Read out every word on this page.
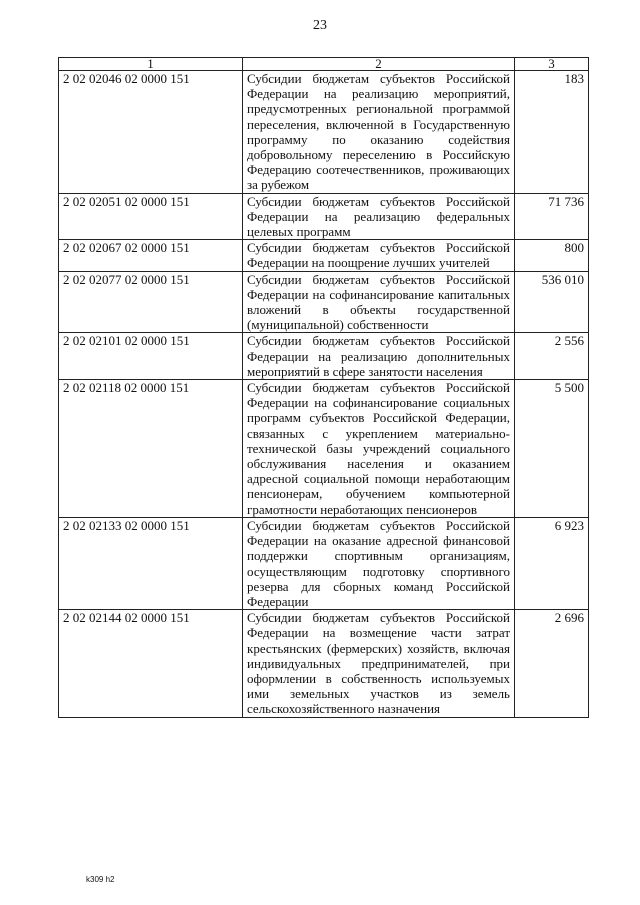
23
1	2	3
2 02 02046 02 0000 151	Субсидии бюджетам субъектов Российской Федерации на реализацию мероприятий, предусмотренных региональной программой переселения, включенной в Государственную программу по оказанию содействия добровольному переселению в Российскую Федерацию соотечественников, проживающих за рубежом	183
2 02 02051 02 0000 151	Субсидии бюджетам субъектов Российской Федерации на реализацию федеральных целевых программ	71 736
2 02 02067 02 0000 151	Субсидии бюджетам субъектов Российской Федерации на поощрение лучших учителей	800
2 02 02077 02 0000 151	Субсидии бюджетам субъектов Российской Федерации на софинансирование капитальных вложений в объекты государственной (муниципальной) собственности	536 010
2 02 02101 02 0000 151	Субсидии бюджетам субъектов Российской Федерации на реализацию дополнительных мероприятий в сфере занятости населения	2 556
2 02 02118 02 0000 151	Субсидии бюджетам субъектов Российской Федерации на софинансирование социальных программ субъектов Российской Федерации, связанных с укреплением материально-технической базы учреждений социального обслуживания населения и оказанием адресной социальной помощи неработающим пенсионерам, обучением компьютерной грамотности неработающих пенсионеров	5 500
2 02 02133 02 0000 151	Субсидии бюджетам субъектов Российской Федерации на оказание адресной финансовой поддержки спортивным организациям, осуществляющим подготовку спортивного резерва для сборных команд Российской Федерации	6 923
2 02 02144 02 0000 151	Субсидии бюджетам субъектов Российской Федерации на возмещение части затрат крестьянских (фермерских) хозяйств, включая индивидуальных предпринимателей, при оформлении в собственность используемых ими земельных участков из земель сельскохозяйственного назначения	2 696
k309 h2
